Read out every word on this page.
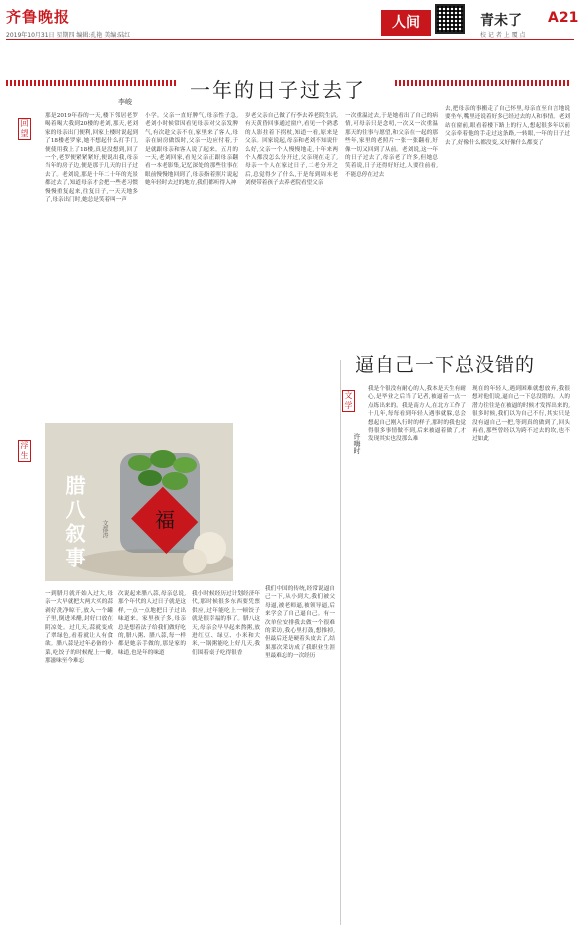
齐鲁晚报
2019年10月31日 星期四 编辑:孔艳 美编:陆红
人间	青未了 A21
校 记 者 上 覆 点
一年的日子过去了
李峻
回望
那是2019年春的一天,楼下邻居老罗喝着喝大我到20楼的老刘,那天,老刘家的母亲出门便利,回家上楼时说起到了18楼老罗家,她不想起什么打手门,便使用我上了18楼,真是没想到,回了一个,老罗便紧紧紧好,便说出我,母亲当年的房子边,便是那于几天的日子过去了。老刘说,那是十年二十年的光景都过去了,知道母亲才会把一些老习惯慢慢重复起来,往复日子,一天天地多了,母亲出门时,她总是笑着叫一声
小学。父亲一直好脾气,母亲性子急,老刘小时候常因看见母亲对父亲发脾气,有次趁父亲不在,家里来了客人,母亲在厨房做饭时,父亲一边应付着,于是就跟母亲和客人说了起来。五月的一天,老刘回家,看见父亲正跟母亲翻看一本老影集,记忆深处的那些往事在眼前慢慢地回到了,母亲指着照片说起她年轻时去过的地方,我们都听得入神
岁老父亲自己做了行李去养老院生活,有天黄昏回事通过窗户,看见一个熟悉的人影拄着下拐杖,知道一看,原来是父亲。回家说起,母亲和老刘不知说什么好,父亲一个人慢慢地走,十年来两个人都没怎么分开过,父亲现在走了,母亲一个人在家过日子,二老分开之后,总觉得少了什么,于是每到周末老刘便带着孩子去养老院看望父亲
一次重温过去,于是她看出了自己的病情,可母亲只是念叨,一次又一次重温那天的往事与愿望,和父亲在一起的那些年,家里的老照片一张一张翻看,好像一切又回到了从前。老刘说,这一年的日子过去了,母亲老了许多,但她总笑着说,日子还得好好过,人要往前看,不能总停在过去
去,把母亲的事搬走了自己怀里,母亲直至自言地说要坐车,嘴里还说着好多已经过去的人和事情。老刘站在窗前,眼看着楼下路上的行人,想起很多年以前父亲牵着他的手走过这条路,一转眼,一年的日子过去了,好像什么都没变,又好像什么都变了
逼自己一下总没错的
文学
许嗨时
我是个很没有耐心的人,我本是天生有耐心,是毕业之后当了记者,被逼着一点一点练出来的。我是南方人,在北方工作了十几年,每每看到年轻人遇事就躲,总会想起自己刚入行时的样子,那时的我也觉得很多事情做不到,后来被逼着做了,才发现其实也没那么难
现在的年轻人,遇到困难就想放弃,我很想对他们说,逼自己一下总没错的。人的潜力往往是在被逼的时候才发挥出来的,很多时候,我们以为自己不行,其实只是没有逼自己一把,等到真的做到了,回头再看,那些曾经以为跨不过去的坎,也不过如此
我们中国的传统,经常说逼自己一下,从小到大,我们被父母逼,被老师逼,被领导逼,后来学会了自己逼自己。有一次单位安排我去做一个很难的采访,我心里打鼓,想推掉,但最后还是硬着头皮去了,结果那次采访成了我职业生涯里最难忘的一次经历
福
腊八叙事	文都涛
浮生
一到腊月就开始入过大,母亲一大早就把大两大买的蒜剥好洗净晾干,放入一个罐子里,倒进米醋,封好口放在阴凉处。过几天,蒜就变成了翠绿色,看着就让人有食欲。腊八蒜是过年必备的小菜,吃饺子的时候配上一瓣,那滋味至今难忘
次说起来腊八蒜,母亲总说,那个年代的人过日子就是这样,一点一点地把日子过出味道来。家里孩子多,母亲总是想着法子给我们做好吃的,腊八粥、腊八蒜,每一样都是她亲手做的,那是家的味道,也是年的味道
我小时候经历过计划经济年代,那时候很多东西要凭票供应,过年能吃上一顿饺子就是很幸福的事了。腊八这天,母亲会早早起来熬粥,放进红豆、绿豆、小米和大米,一锅粥能吃上好几天,我们围着桌子吃得很香
